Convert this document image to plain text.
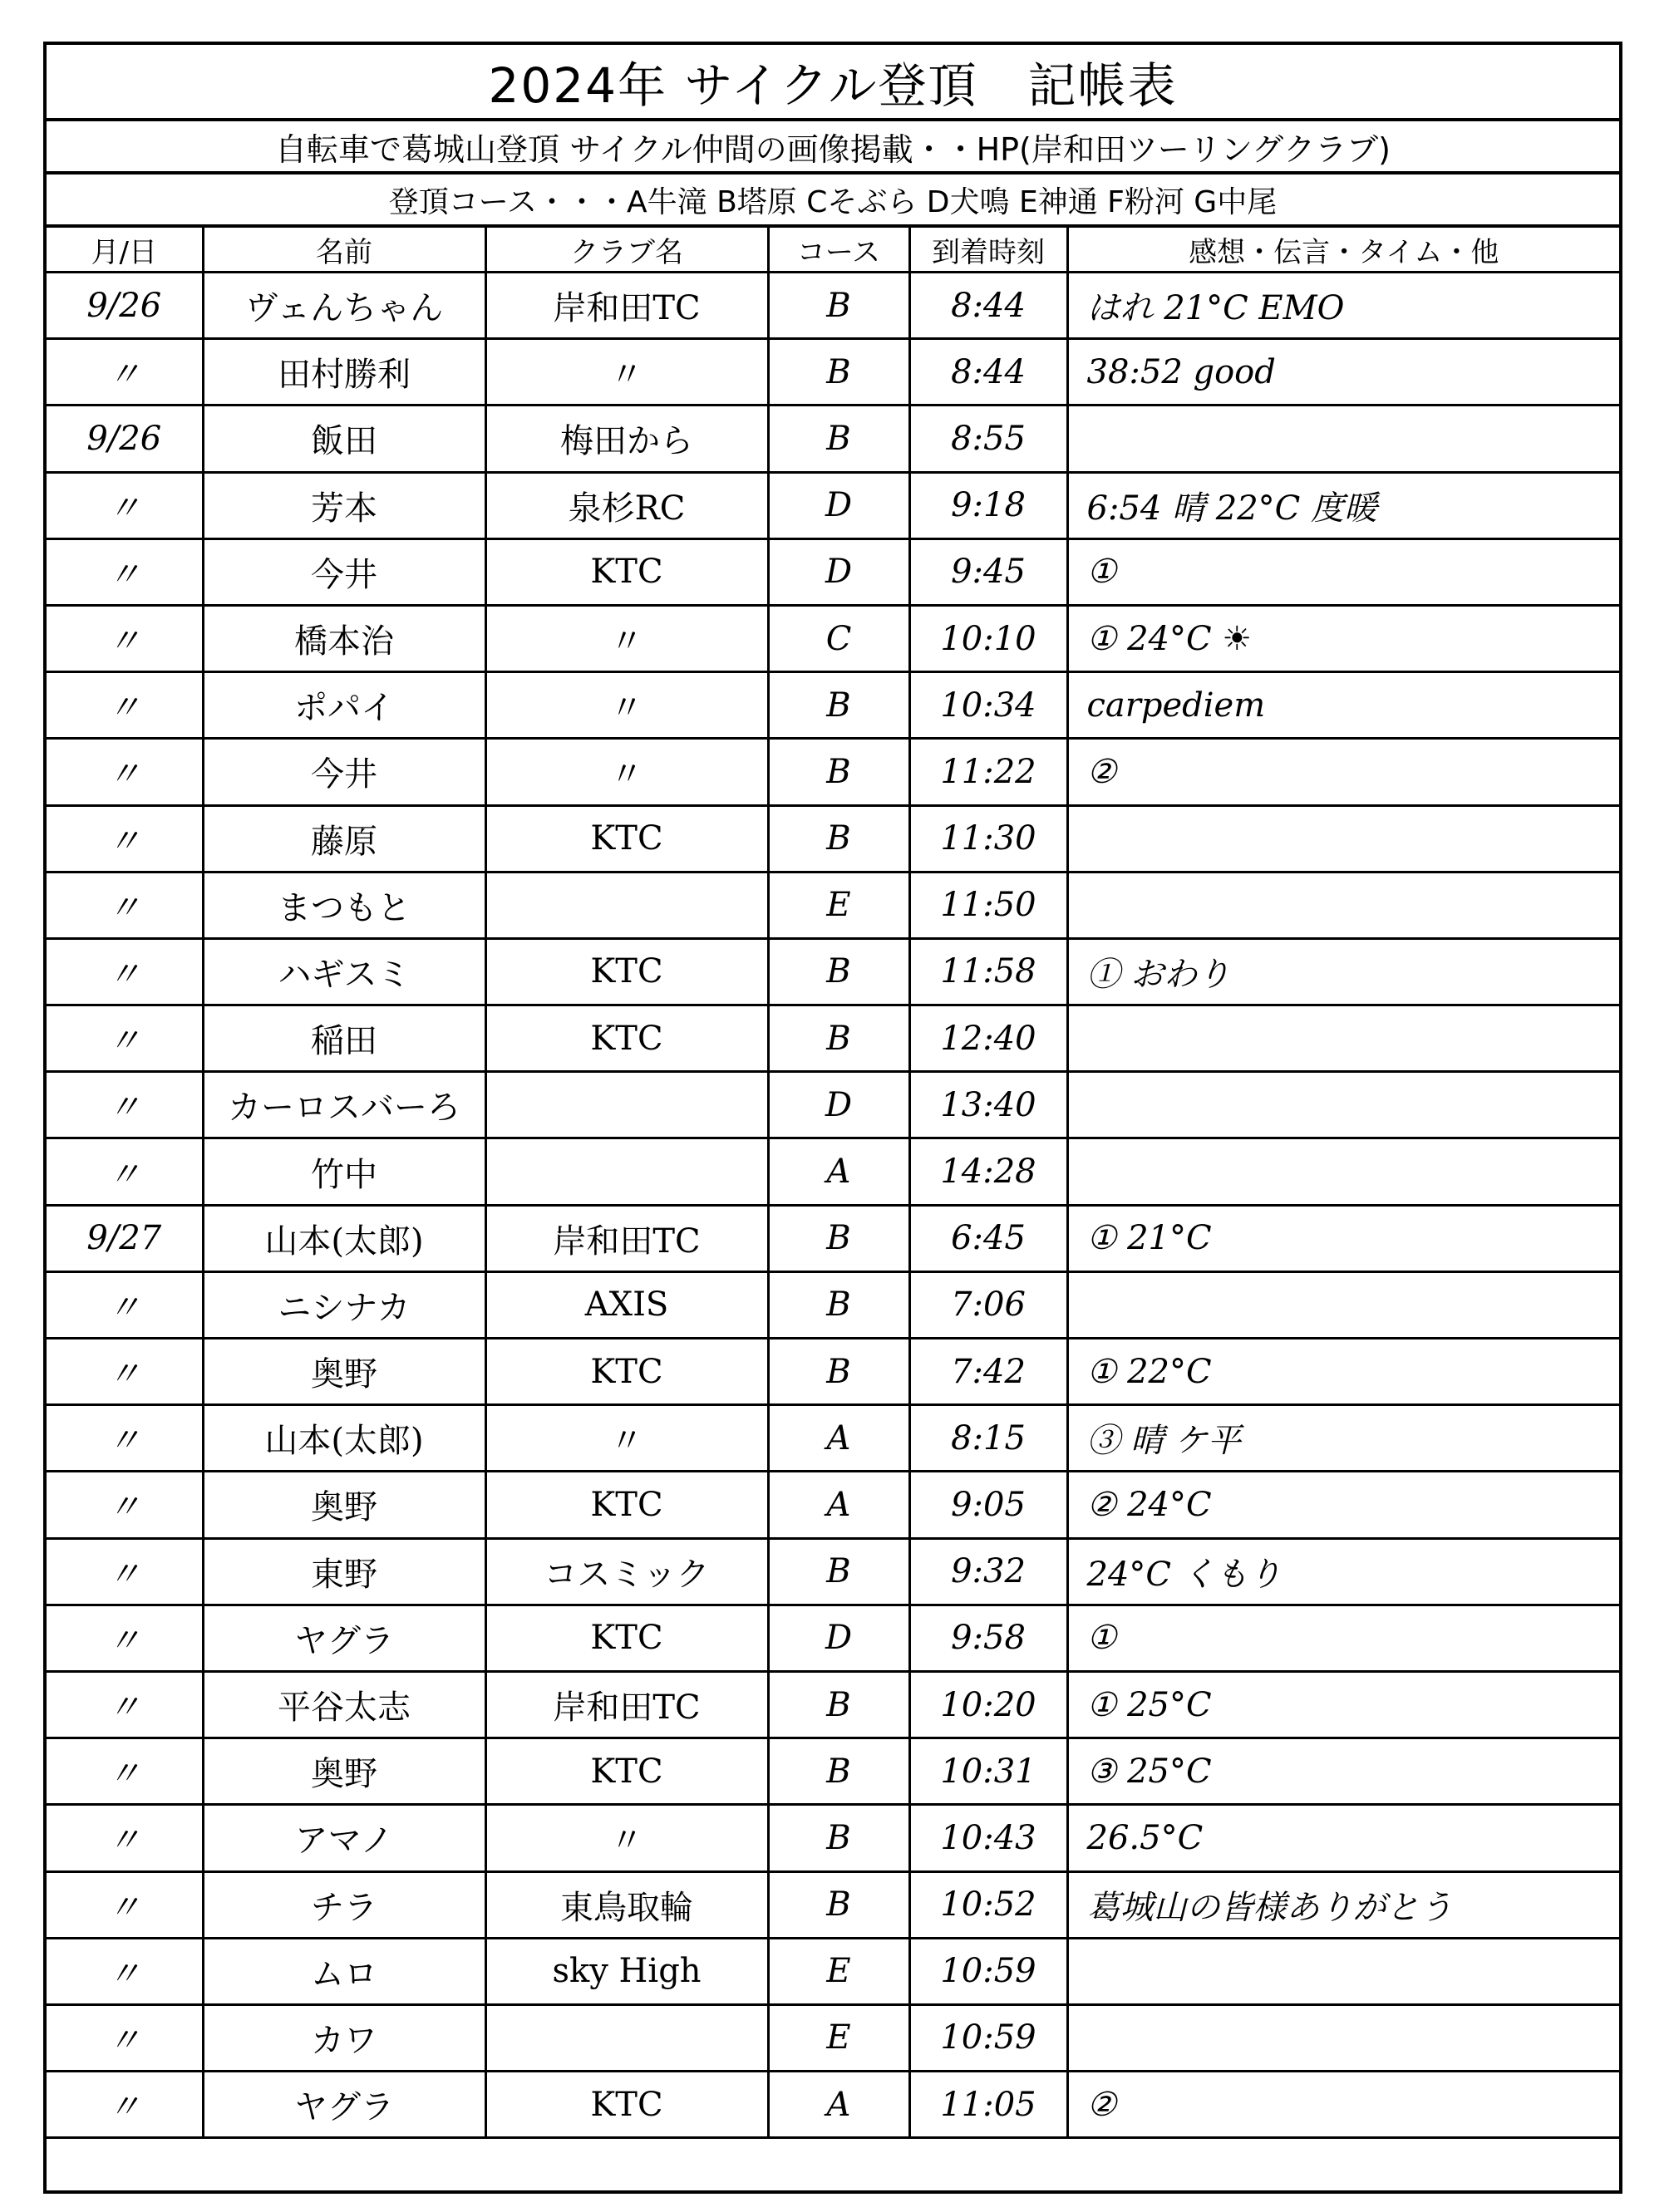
2024年 サイクル登頂 記帳表
自転車で葛城山登頂 サイクル仲間の画像掲載・・HP(岸和田ツーリングクラブ)
登頂コース・・・A牛滝 B塔原 Cそぶら D犬鳴 E神通 F粉河 G中尾
月/日	名前	クラブ名	コース	到着時刻	感想・伝言・タイム・他
9/26	ヴェんちゃん	岸和田TC	B	8:44	はれ 21°C EMO
〃	田村勝利	〃	B	8:44	38:52 good
9/26	飯田	梅田から	B	8:55	
〃	芳本	泉杉RC	D	9:18	6:54 晴 22°C 度暖
〃	今井	KTC	D	9:45	①
〃	橋本治	〃	C	10:10	① 24°C ☀
〃	ポパイ	〃	B	10:34	carpediem
〃	今井	〃	B	11:22	②
〃	藤原	KTC	B	11:30	
〃	まつもと		E	11:50	
〃	ハギスミ	KTC	B	11:58	① おわり
〃	稲田	KTC	B	12:40	
〃	カーロスバーろ		D	13:40	
〃	竹中		A	14:28	
9/27	山本(太郎)	岸和田TC	B	6:45	① 21°C
〃	ニシナカ	AXIS	B	7:06	
〃	奥野	KTC	B	7:42	① 22°C
〃	山本(太郎)	〃	A	8:15	③ 晴 ケ平
〃	奥野	KTC	A	9:05	② 24°C
〃	東野	コスミック	B	9:32	24°C くもり
〃	ヤグラ	KTC	D	9:58	①
〃	平谷太志	岸和田TC	B	10:20	① 25°C
〃	奥野	KTC	B	10:31	③ 25°C
〃	アマノ	〃	B	10:43	26.5°C
〃	チラ	東鳥取輪	B	10:52	葛城山の皆様ありがとう
〃	ムロ	sky High	E	10:59	
〃	カワ		E	10:59	
〃	ヤグラ	KTC	A	11:05	②
